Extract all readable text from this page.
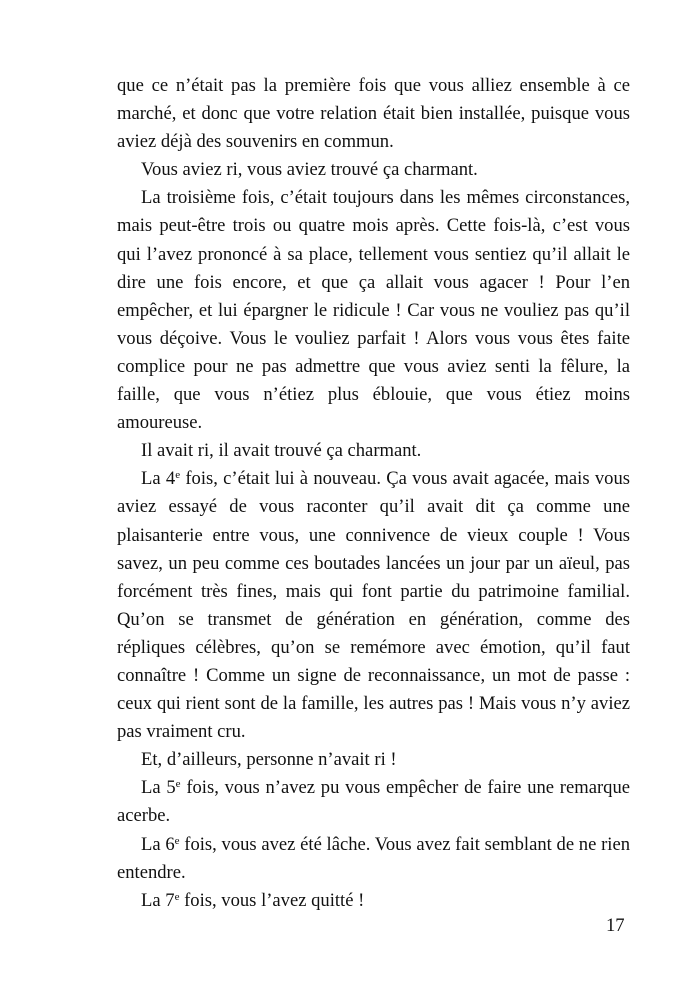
que ce n’était pas la première fois que vous alliez ensemble à ce marché, et donc que votre relation était bien installée, puisque vous aviez déjà des souvenirs en commun.

Vous aviez ri, vous aviez trouvé ça charmant.

La troisième fois, c’était toujours dans les mêmes circonstances, mais peut-être trois ou quatre mois après. Cette fois-là, c’est vous qui l’avez prononcé à sa place, tellement vous sentiez qu’il allait le dire une fois encore, et que ça allait vous agacer ! Pour l’en empêcher, et lui épargner le ridicule ! Car vous ne vouliez pas qu’il vous déçoive. Vous le vouliez parfait ! Alors vous vous êtes faite complice pour ne pas admettre que vous aviez senti la fêlure, la faille, que vous n’étiez plus éblouie, que vous étiez moins amoureuse.

Il avait ri, il avait trouvé ça charmant.

La 4e fois, c’était lui à nouveau. Ça vous avait agacée, mais vous aviez essayé de vous raconter qu’il avait dit ça comme une plaisanterie entre vous, une connivence de vieux couple ! Vous savez, un peu comme ces boutades lancées un jour par un aïeul, pas forcément très fines, mais qui font partie du patrimoine familial. Qu’on se transmet de génération en génération, comme des répliques célèbres, qu’on se remémore avec émotion, qu’il faut connaître ! Comme un signe de reconnaissance, un mot de passe : ceux qui rient sont de la famille, les autres pas ! Mais vous n’y aviez pas vraiment cru.

Et, d’ailleurs, personne n’avait ri !

La 5e fois, vous n’avez pu vous empêcher de faire une remarque acerbe.

La 6e fois, vous avez été lâche. Vous avez fait semblant de ne rien entendre.

La 7e fois, vous l’avez quitté !

17
